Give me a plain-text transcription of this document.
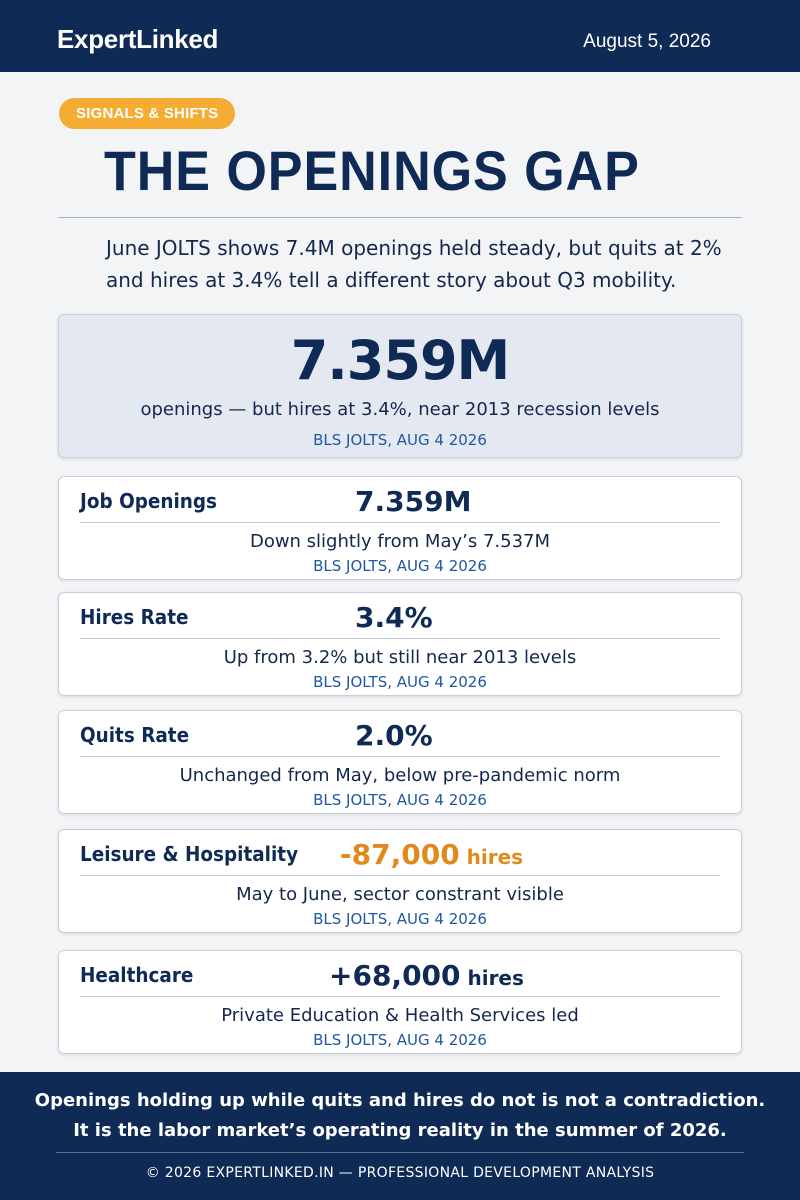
ExpertLinked	August 5, 2026
SIGNALS & SHIFTS
THE OPENINGS GAP

June JOLTS shows 7.4M openings held steady, but quits at 2% and hires at 3.4% tell a different story about Q3 mobility.

7.359M
openings — but hires at 3.4%, near 2013 recession levels
BLS JOLTS, AUG 4 2026
Job Openings	7.359M
Down slightly from May’s 7.537M
BLS JOLTS, AUG 4 2026
Hires Rate	3.4%
Up from 3.2% but still near 2013 levels
BLS JOLTS, AUG 4 2026
Quits Rate	2.0%
Unchanged from May, below pre-pandemic norm
BLS JOLTS, AUG 4 2026
Leisure & Hospitality -87,000 hires
May to June, sector constrant visible
BLS JOLTS, AUG 4 2026
Healthcare	+68,000 hires
Private Education & Health Services led
BLS JOLTS, AUG 4 2026
Openings holding up while quits and hires do not is not a contradiction.
It is the labor market’s operating reality in the summer of 2026.
© 2026 EXPERTLINKED.IN — PROFESSIONAL DEVELOPMENT ANALYSIS
